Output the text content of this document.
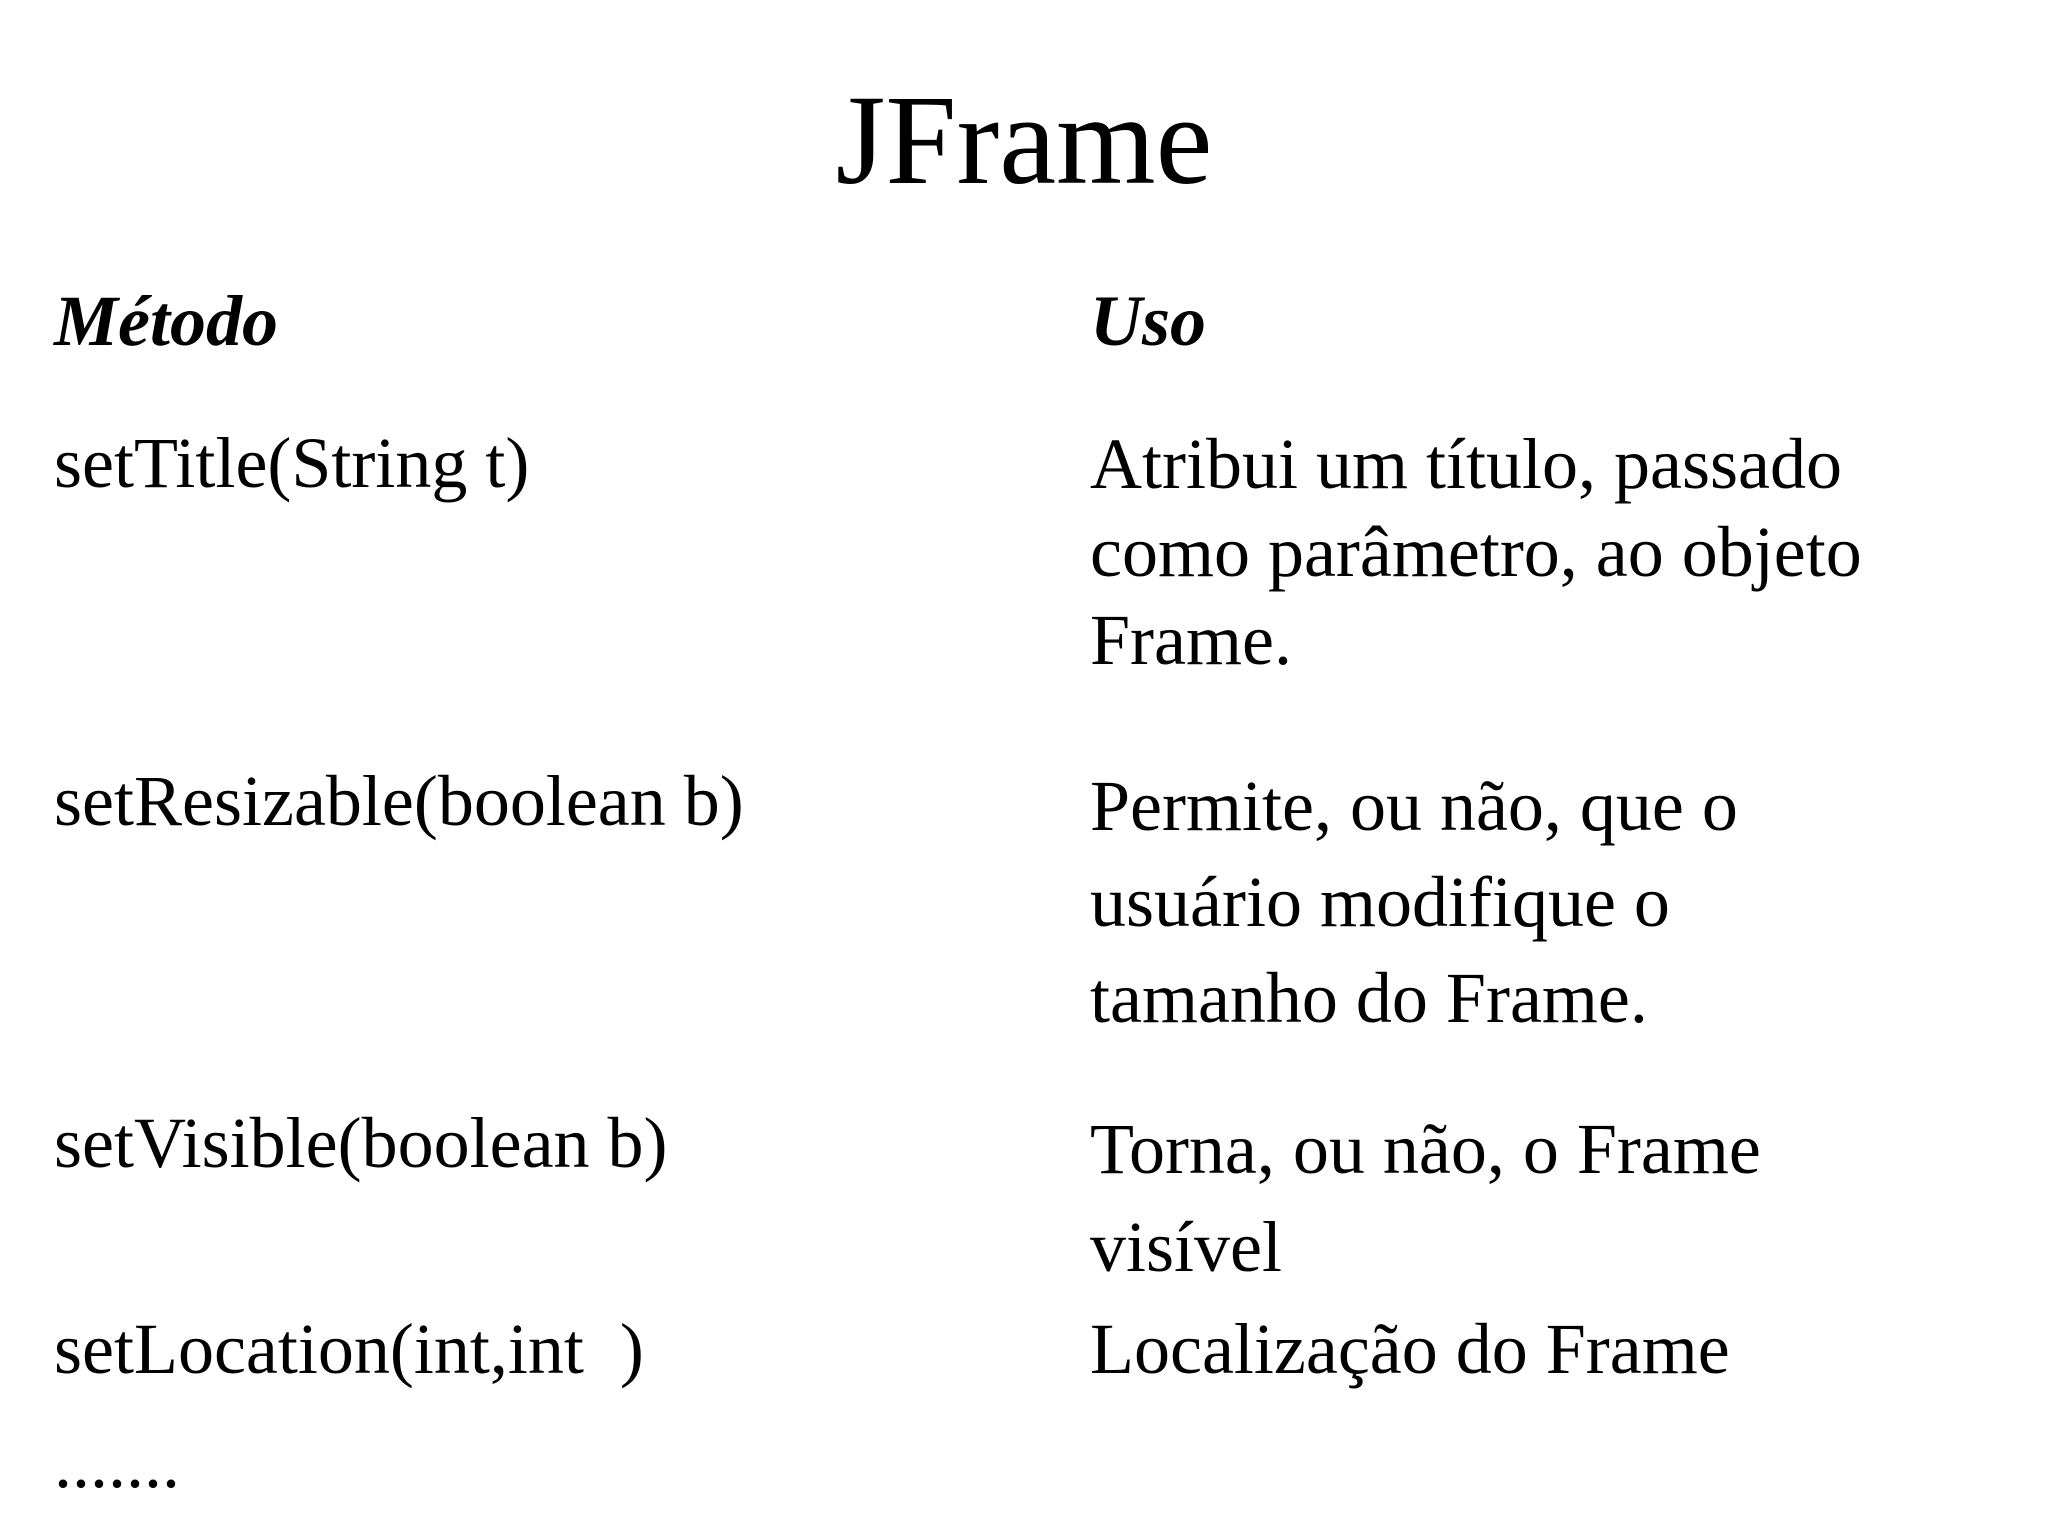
JFrame
Método	Uso
setTitle(String t)	Atribui um título, passado
como parâmetro, ao objeto
Frame.
setResizable(boolean b)	Permite, ou não, que o
usuário modifique o
tamanho do Frame.
setVisible(boolean b)	Torna, ou não, o Frame
visível
setLocation(int,int  )	Localização do Frame
.......
